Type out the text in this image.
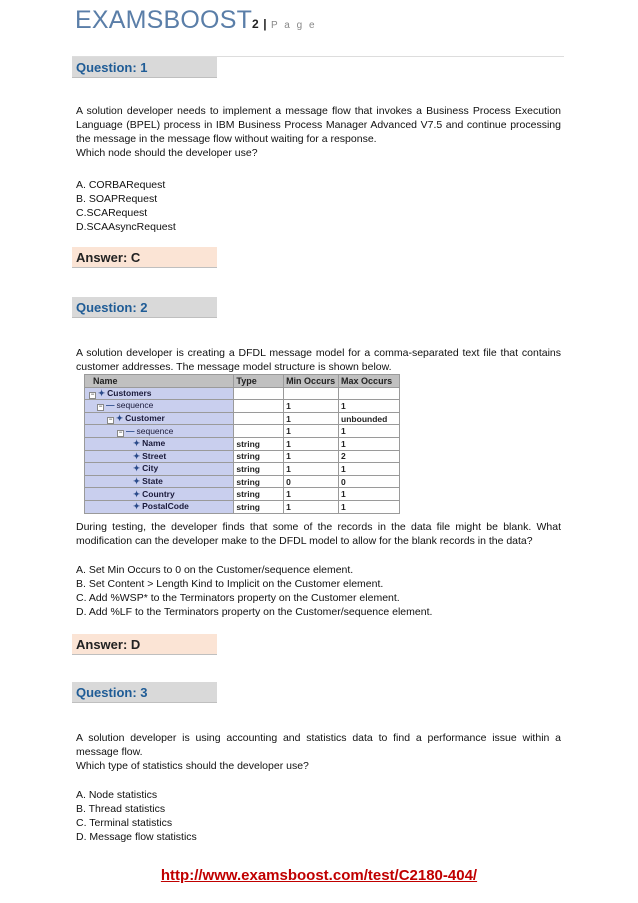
EXAMSBOOST2 | P a g e
Question: 1
A solution developer needs to implement a message flow that invokes a Business Process Execution Language (BPEL) process in IBM Business Process Manager Advanced V7.5 and continue processing the message in the message flow without waiting for a response.
Which node should the developer use?
A. CORBARequest
B. SOAPRequest
C.SCARequest
D.SCAAsyncRequest
Answer: C
Question: 2
A solution developer is creating a DFDL message model for a comma-separated text file that contains customer addresses. The message model structure is shown below.
Name	Type	Min Occurs	Max Occurs
− ✦ Customers			
− — sequence		1	1
− ✦ Customer		1	unbounded
− — sequence		1	1
✦ Name	string	1	1
✦ Street	string	1	2
✦ City	string	1	1
✦ State	string	0	0
✦ Country	string	1	1
✦ PostalCode	string	1	1
During testing, the developer finds that some of the records in the data file might be blank. What modification can the developer make to the DFDL model to allow for the blank records in the data?
A. Set Min Occurs to 0 on the Customer/sequence element.
B. Set Content > Length Kind to Implicit on the Customer element.
C. Add %WSP* to the Terminators property on the Customer element.
D. Add %LF to the Terminators property on the Customer/sequence element.
Answer: D
Question: 3
A solution developer is using accounting and statistics data to find a performance issue within a message flow.
Which type of statistics should the developer use?
A. Node statistics
B. Thread statistics
C. Terminal statistics
D. Message flow statistics
http://www.examsboost.com/test/C2180-404/
